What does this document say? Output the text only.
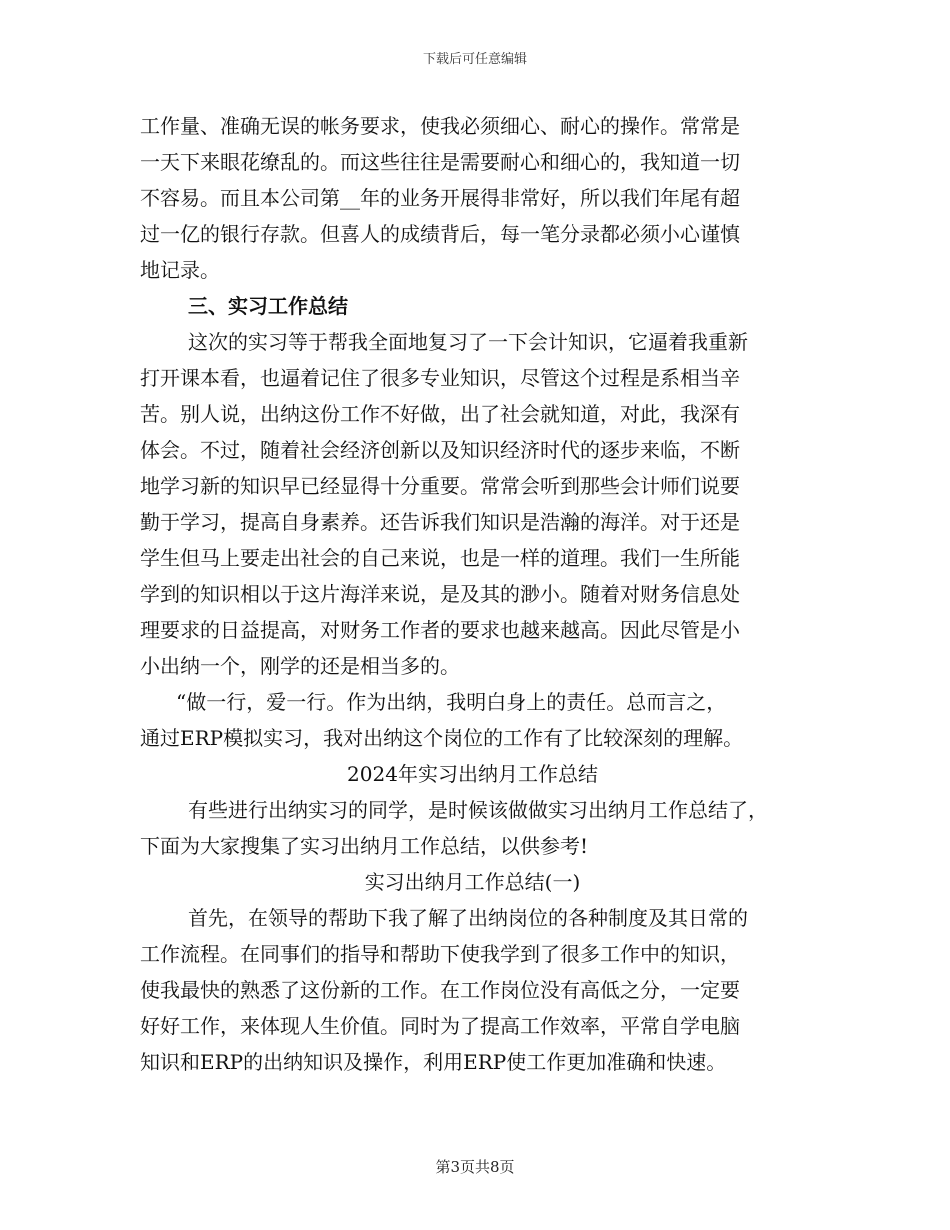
下载后可任意编辑
工作量、准确无误的帐务要求，使我必须细心、耐心的操作。常常是
一天下来眼花缭乱的。而这些往往是需要耐心和细心的，我知道一切
不容易。而且本公司第__年的业务开展得非常好，所以我们年尾有超
过一亿的银行存款。但喜人的成绩背后，每一笔分录都必须小心谨慎
地记录。
三、实习工作总结
这次的实习等于帮我全面地复习了一下会计知识，它逼着我重新
打开课本看，也逼着记住了很多专业知识，尽管这个过程是系相当辛
苦。别人说，出纳这份工作不好做，出了社会就知道，对此，我深有
体会。不过，随着社会经济创新以及知识经济时代的逐步来临，不断
地学习新的知识早已经显得十分重要。常常会听到那些会计师们说要
勤于学习，提高自身素养。还告诉我们知识是浩瀚的海洋。对于还是
学生但马上要走出社会的自己来说，也是一样的道理。我们一生所能
学到的知识相以于这片海洋来说，是及其的渺小。随着对财务信息处
理要求的日益提高，对财务工作者的要求也越来越高。因此尽管是小
小出纳一个，刚学的还是相当多的。
“做一行，爱一行。作为出纳，我明白身上的责任。总而言之，
通过ERP模拟实习，我对出纳这个岗位的工作有了比较深刻的理解。
2024年实习出纳月工作总结
有些进行出纳实习的同学，是时候该做做实习出纳月工作总结了，
下面为大家搜集了实习出纳月工作总结，以供参考!
实习出纳月工作总结(一)
首先，在领导的帮助下我了解了出纳岗位的各种制度及其日常的
工作流程。在同事们的指导和帮助下使我学到了很多工作中的知识，
使我最快的熟悉了这份新的工作。在工作岗位没有高低之分，一定要
好好工作，来体现人生价值。同时为了提高工作效率，平常自学电脑
知识和ERP的出纳知识及操作，利用ERP使工作更加准确和快速。
第3页共8页
